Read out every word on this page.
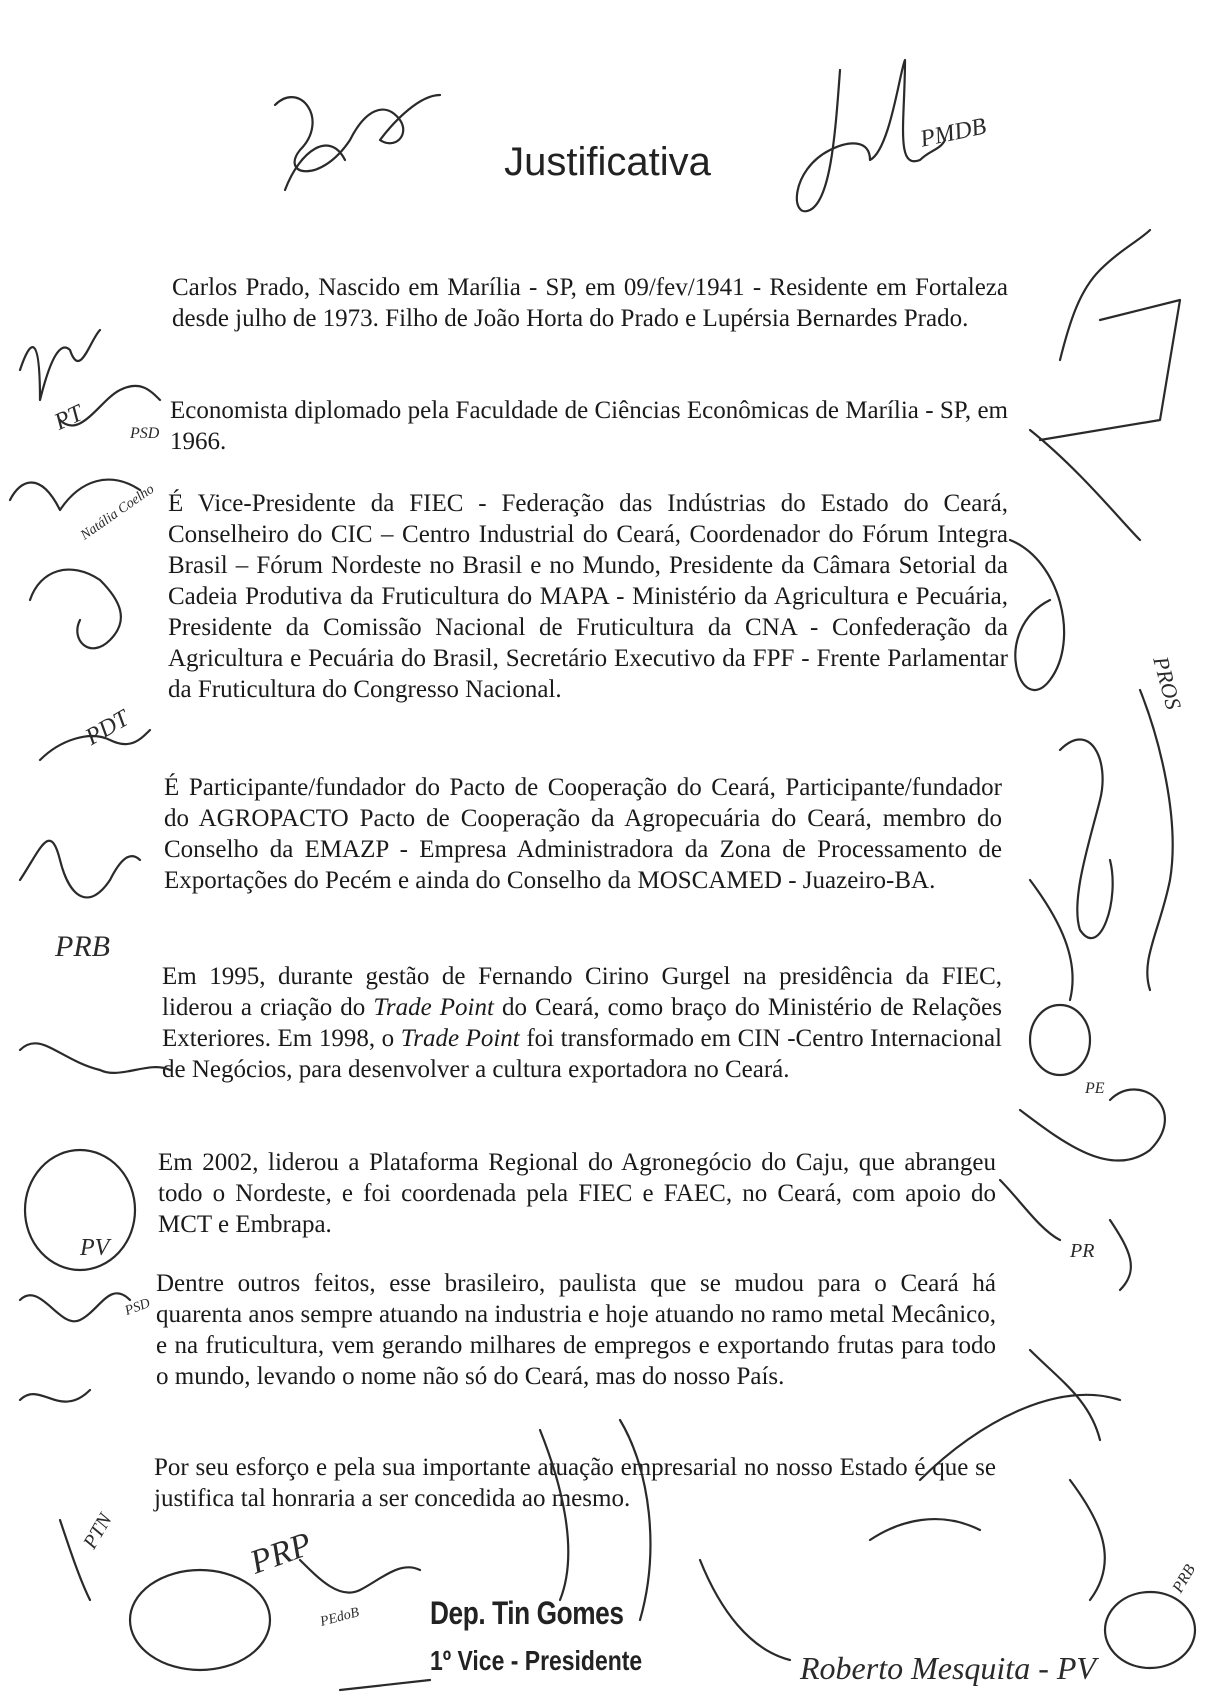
Justificativa

Carlos Prado, Nascido em Marília - SP, em 09/fev/1941 - Residente em Fortaleza desde julho de 1973. Filho de João Horta do Prado e Lupérsia Bernardes Prado.

Economista diplomado pela Faculdade de Ciências Econômicas de Marília - SP, em 1966.

É Vice-Presidente da FIEC - Federação das Indústrias do Estado do Ceará, Conselheiro do CIC – Centro Industrial do Ceará, Coordenador do Fórum Integra Brasil – Fórum Nordeste no Brasil e no Mundo, Presidente da Câmara Setorial da Cadeia Produtiva da Fruticultura do MAPA - Ministério da Agricultura e Pecuária, Presidente da Comissão Nacional de Fruticultura da CNA - Confederação da Agricultura e Pecuária do Brasil, Secretário Executivo da FPF - Frente Parlamentar da Fruticultura do Congresso Nacional.

É Participante/fundador do Pacto de Cooperação do Ceará, Participante/fundador do AGROPACTO Pacto de Cooperação da Agropecuária do Ceará, membro do Conselho da EMAZP - Empresa Administradora da Zona de Processamento de Exportações do Pecém e ainda do Conselho da MOSCAMED - Juazeiro-BA.

Em 1995, durante gestão de Fernando Cirino Gurgel na presidência da FIEC, liderou a criação do Trade Point do Ceará, como braço do Ministério de Relações Exteriores. Em 1998, o Trade Point foi transformado em CIN -Centro Internacional de Negócios, para desenvolver a cultura exportadora no Ceará.

Em 2002, liderou a Plataforma Regional do Agronegócio do Caju, que abrangeu todo o Nordeste, e foi coordenada pela FIEC e FAEC, no Ceará, com apoio do MCT e Embrapa.

Dentre outros feitos, esse brasileiro, paulista que se mudou para o Ceará há quarenta anos sempre atuando na industria e hoje atuando no ramo metal Mecânico, e na fruticultura, vem gerando milhares de empregos e exportando frutas para todo o mundo, levando o nome não só do Ceará, mas do nosso País.

Por seu esforço e pela sua importante atuação empresarial no nosso Estado é que se justifica tal honraria a ser concedida ao mesmo.

Dep. Tin Gomes
1º Vice - Presidente
PMDB
PT	PSD
Natália Coelho
PDT
PRB
PV
PSD
PTN	PRP
PEdoB
Roberto Mesquita - PV
PRB
PE
PROS
PR
